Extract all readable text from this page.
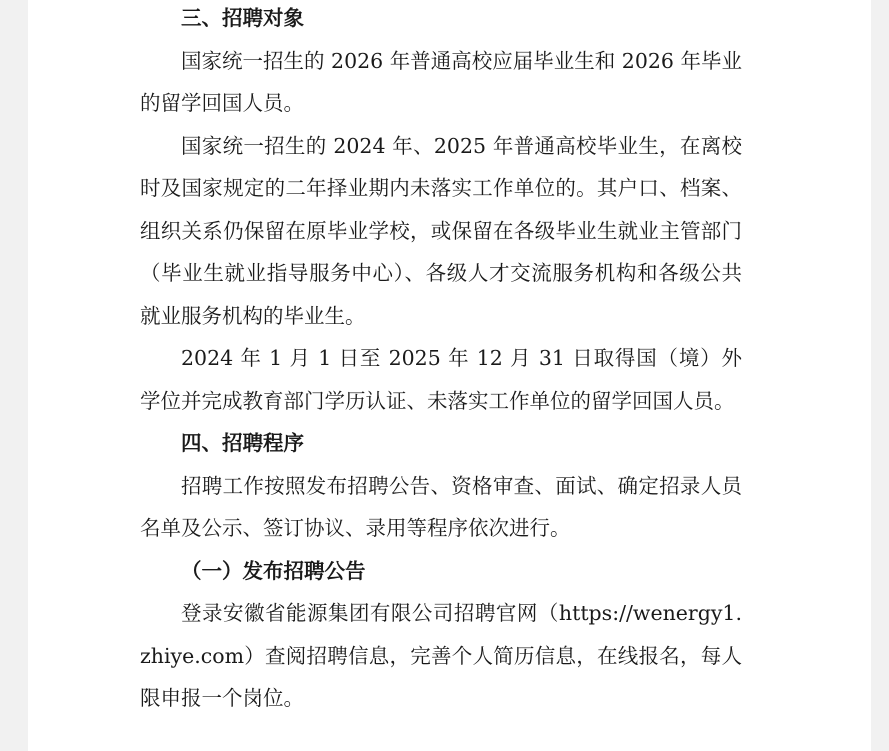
三、招聘对象

国家统一招生的 2026 年普通高校应届毕业生和 2026 年毕业的留学回国人员。

国家统一招生的 2024 年、2025 年普通高校毕业生，在离校时及国家规定的二年择业期内未落实工作单位的。其户口、档案、组织关系仍保留在原毕业学校，或保留在各级毕业生就业主管部门（毕业生就业指导服务中心）、各级人才交流服务机构和各级公共就业服务机构的毕业生。

2024 年 1 月 1 日至 2025 年 12 月 31 日取得国（境）外学位并完成教育部门学历认证、未落实工作单位的留学回国人员。

四、招聘程序

招聘工作按照发布招聘公告、资格审查、面试、确定招录人员名单及公示、签订协议、录用等程序依次进行。

（一）发布招聘公告

登录安徽省能源集团有限公司招聘官网（https://wenergy1.zhiye.com）查阅招聘信息，完善个人简历信息，在线报名，每人限申报一个岗位。
